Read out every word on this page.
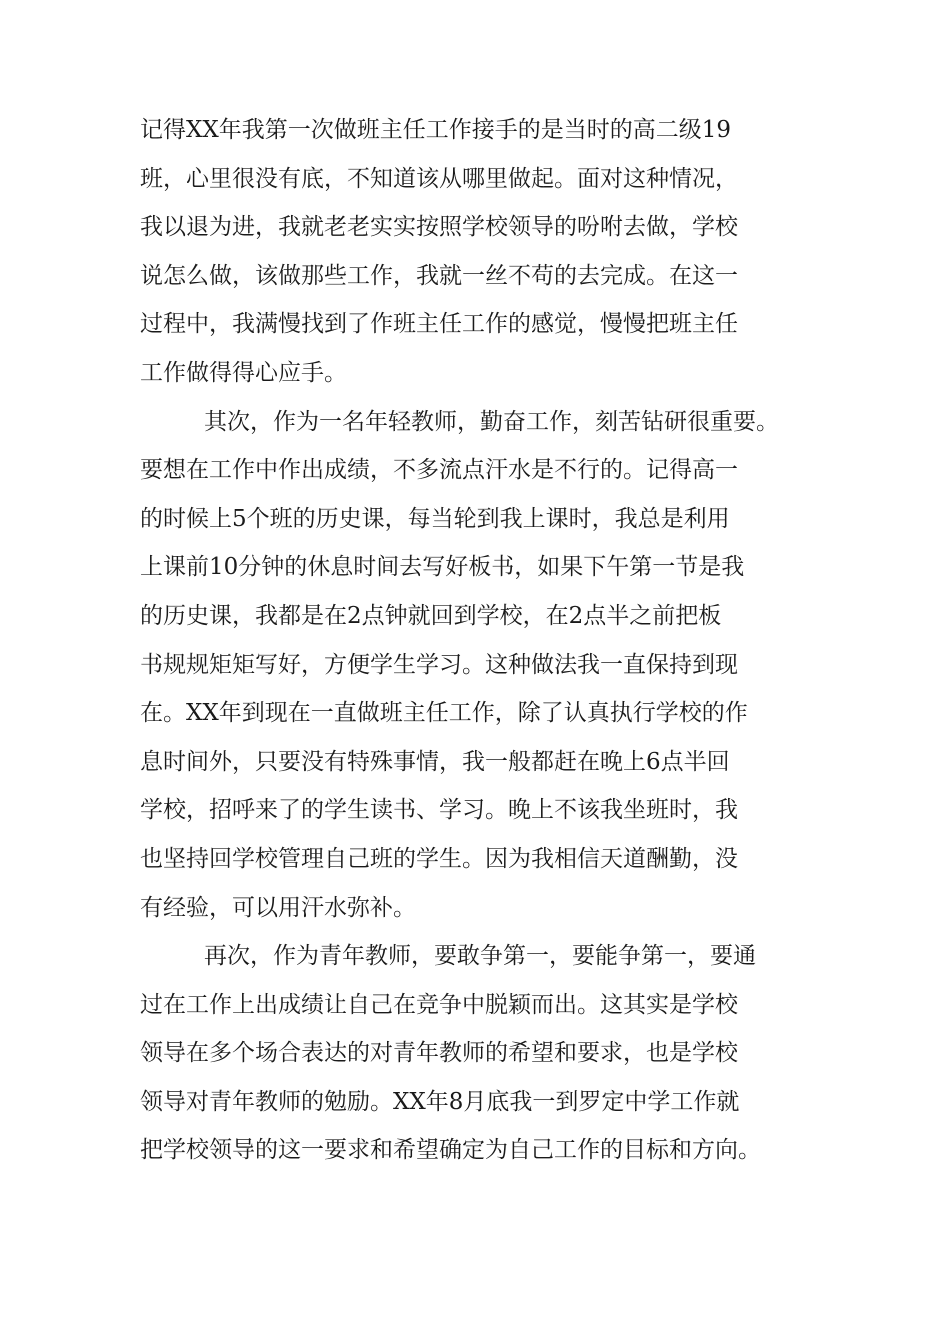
记得XX年我第一次做班主任工作接手的是当时的高二级19
班，心里很没有底，不知道该从哪里做起。面对这种情况，
我以退为进，我就老老实实按照学校领导的吩咐去做，学校
说怎么做，该做那些工作，我就一丝不苟的去完成。在这一
过程中，我满慢找到了作班主任工作的感觉，慢慢把班主任
工作做得得心应手。
其次，作为一名年轻教师，勤奋工作，刻苦钻研很重要。
要想在工作中作出成绩，不多流点汗水是不行的。记得高一
的时候上5个班的历史课，每当轮到我上课时，我总是利用
上课前10分钟的休息时间去写好板书，如果下午第一节是我
的历史课，我都是在2点钟就回到学校，在2点半之前把板
书规规矩矩写好，方便学生学习。这种做法我一直保持到现
在。XX年到现在一直做班主任工作，除了认真执行学校的作
息时间外，只要没有特殊事情，我一般都赶在晚上6点半回
学校，招呼来了的学生读书、学习。晚上不该我坐班时，我
也坚持回学校管理自己班的学生。因为我相信天道酬勤，没
有经验，可以用汗水弥补。
再次，作为青年教师，要敢争第一，要能争第一，要通
过在工作上出成绩让自己在竞争中脱颖而出。这其实是学校
领导在多个场合表达的对青年教师的希望和要求，也是学校
领导对青年教师的勉励。XX年8月底我一到罗定中学工作就
把学校领导的这一要求和希望确定为自己工作的目标和方向。
